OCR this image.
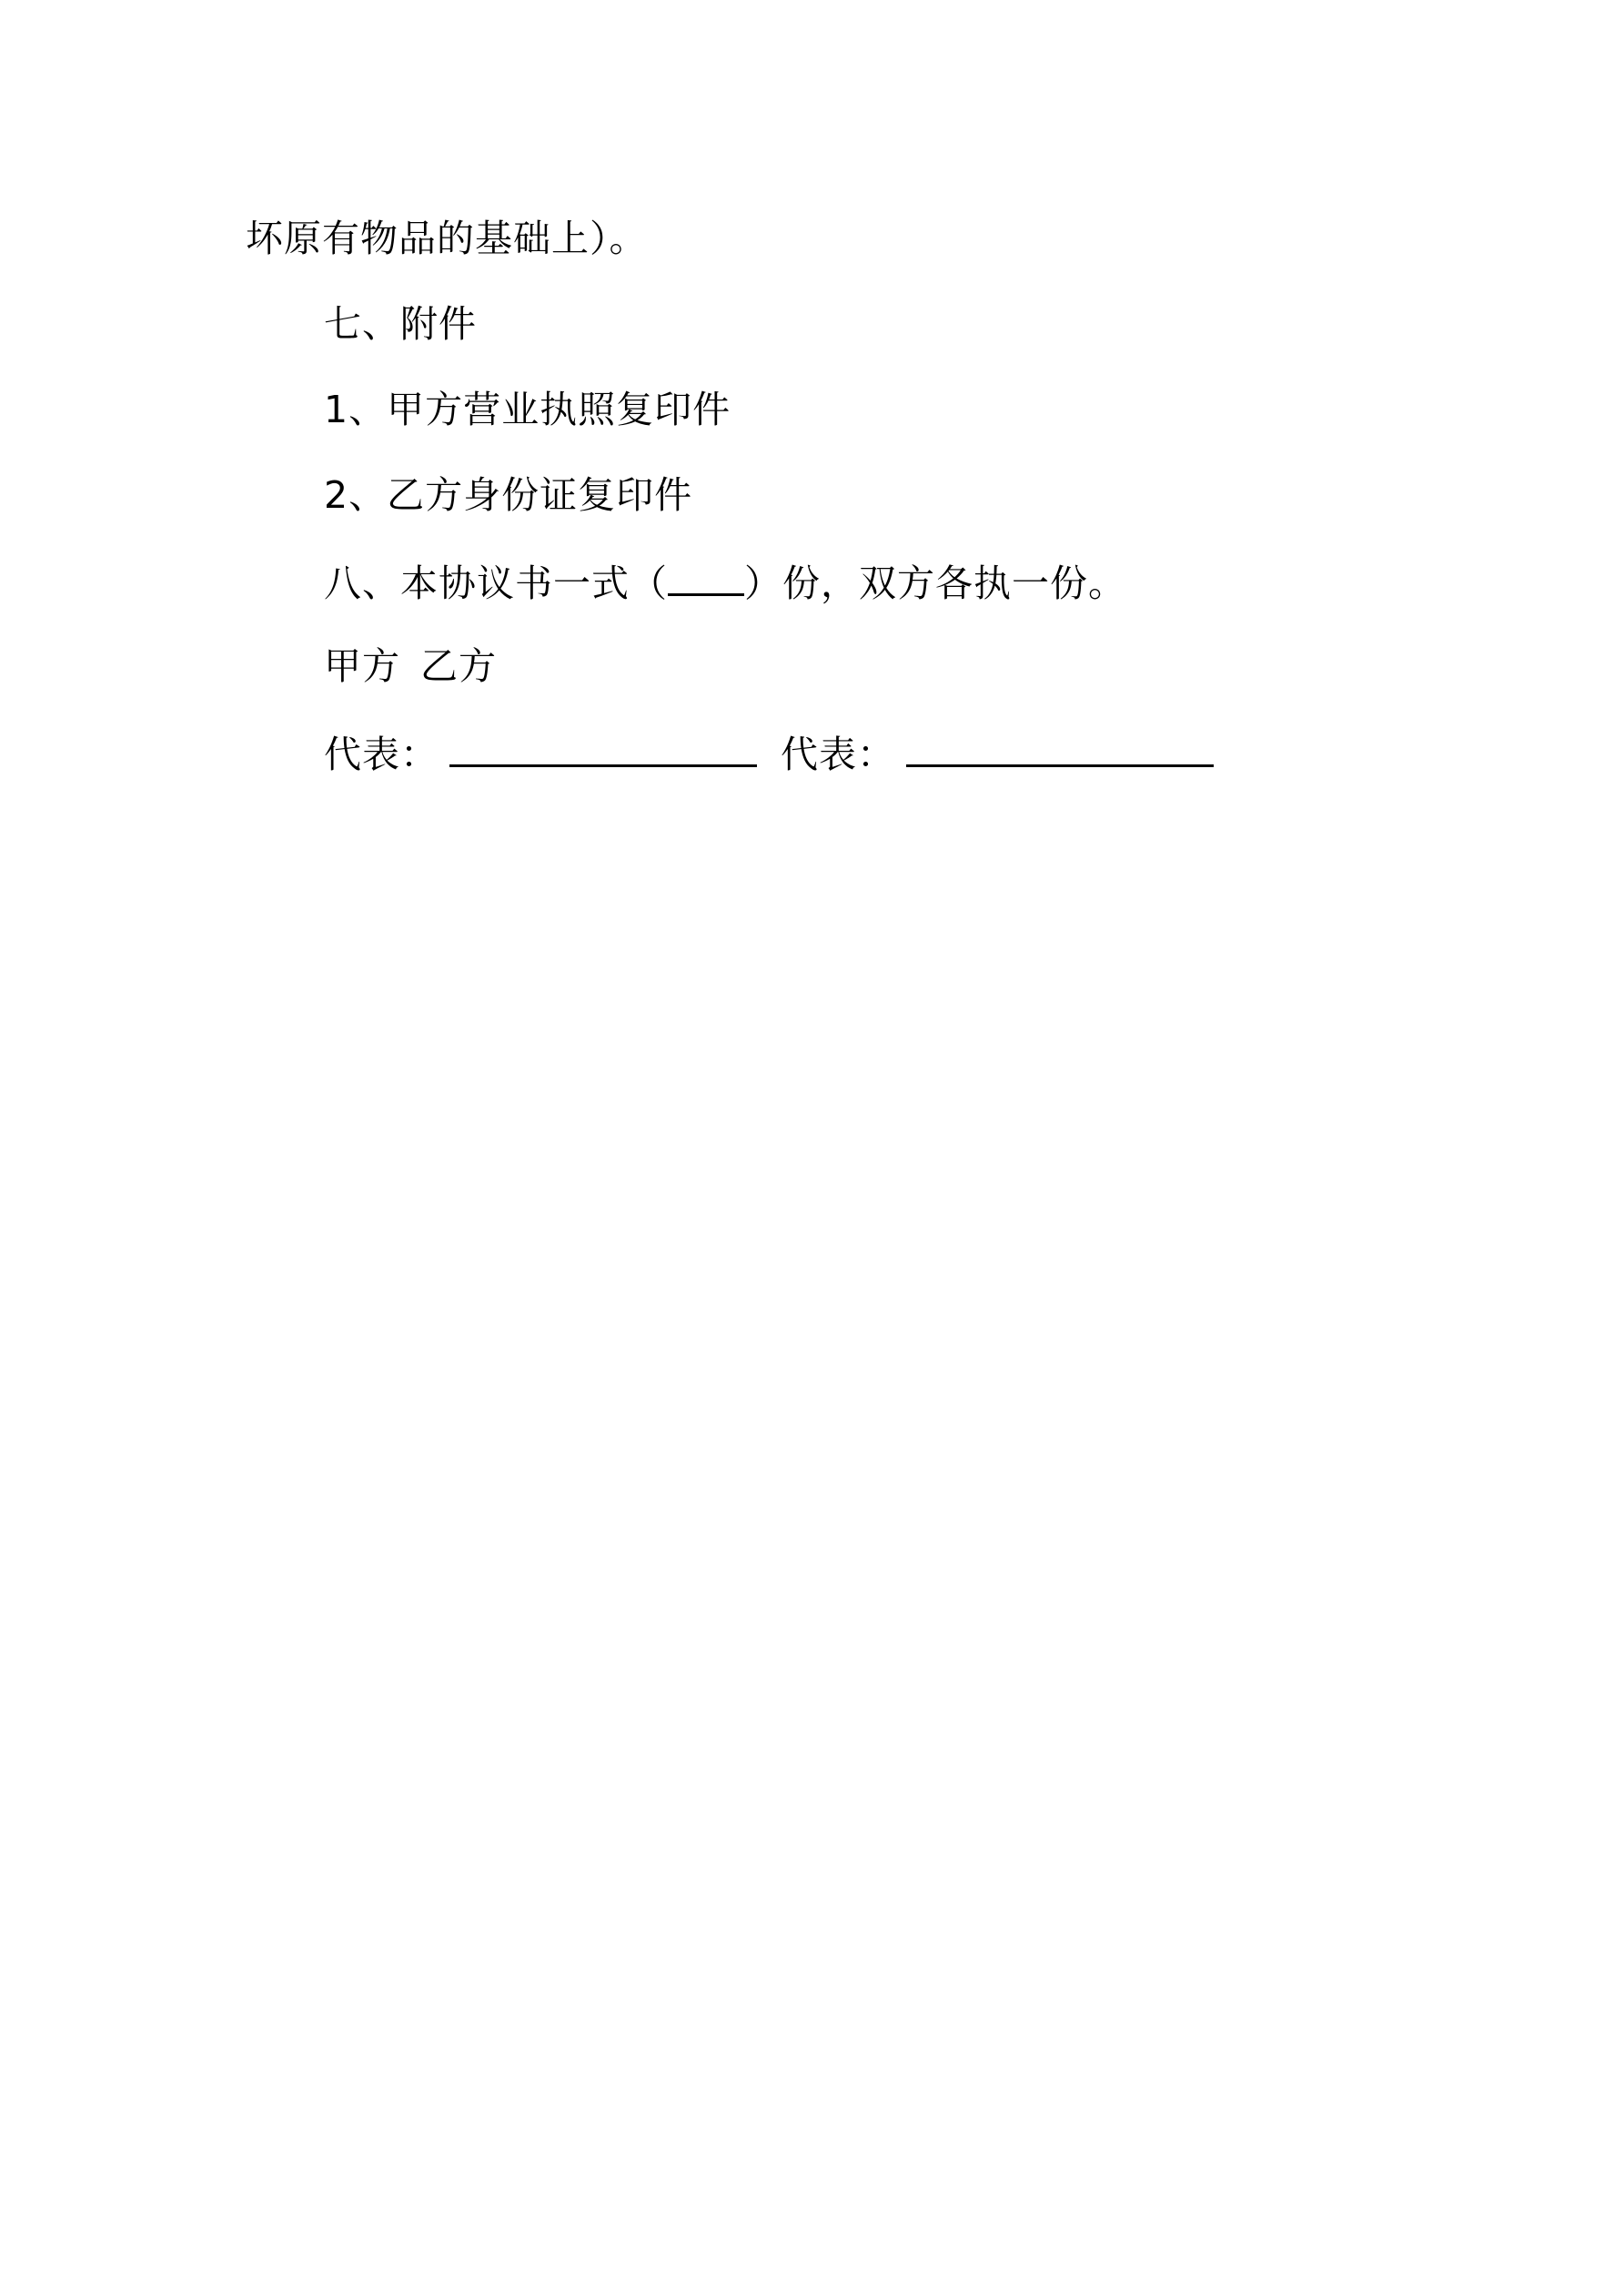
坏原有物品的基础上）。
七、附件
1、甲方营业执照复印件
2、乙方身份证复印件
八、本协议书一式（ ）份，双方各执一份。
甲方 乙方
代表：	代表：
